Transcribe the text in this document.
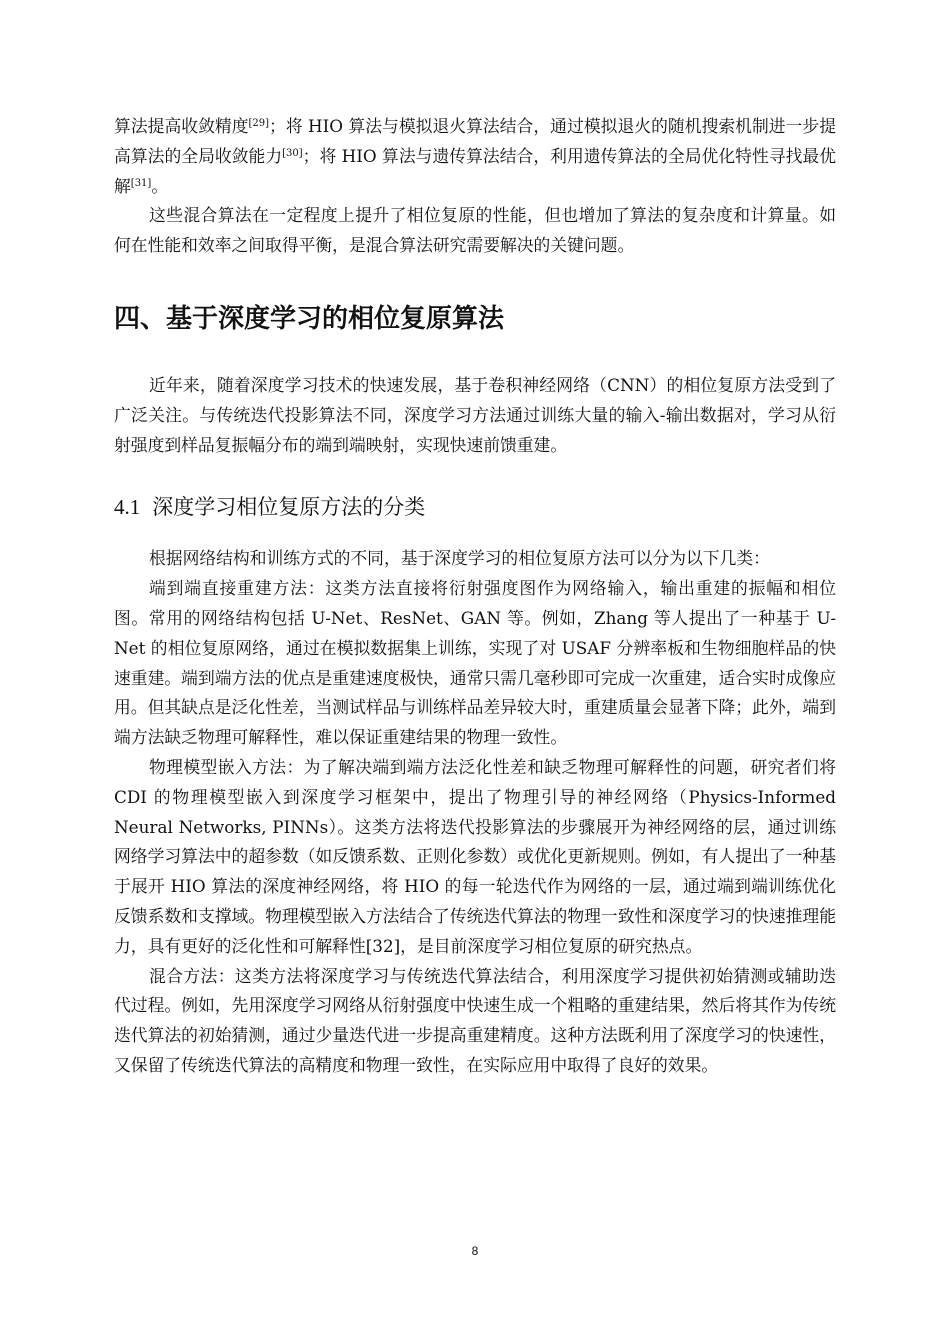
算法提高收敛精度[29]；将 HIO 算法与模拟退火算法结合，通过模拟退火的随机搜索机制进一步提高算法的全局收敛能力[30]；将 HIO 算法与遗传算法结合，利用遗传算法的全局优化特性寻找最优解[31]。

这些混合算法在一定程度上提升了相位复原的性能，但也增加了算法的复杂度和计算量。如何在性能和效率之间取得平衡，是混合算法研究需要解决的关键问题。

四、基于深度学习的相位复原算法

近年来，随着深度学习技术的快速发展，基于卷积神经网络（CNN）的相位复原方法受到了广泛关注。与传统迭代投影算法不同，深度学习方法通过训练大量的输入-输出数据对，学习从衍射强度到样品复振幅分布的端到端映射，实现快速前馈重建。

4.1 深度学习相位复原方法的分类

根据网络结构和训练方式的不同，基于深度学习的相位复原方法可以分为以下几类：

端到端直接重建方法：这类方法直接将衍射强度图作为网络输入，输出重建的振幅和相位图。常用的网络结构包括 U-Net、ResNet、GAN 等。例如，Zhang 等人提出了一种基于 U-Net 的相位复原网络，通过在模拟数据集上训练，实现了对 USAF 分辨率板和生物细胞样品的快速重建。端到端方法的优点是重建速度极快，通常只需几毫秒即可完成一次重建，适合实时成像应用。但其缺点是泛化性差，当测试样品与训练样品差异较大时，重建质量会显著下降；此外，端到端方法缺乏物理可解释性，难以保证重建结果的物理一致性。

物理模型嵌入方法：为了解决端到端方法泛化性差和缺乏物理可解释性的问题，研究者们将 CDI 的物理模型嵌入到深度学习框架中，提出了物理引导的神经网络（Physics-Informed Neural Networks, PINNs）。这类方法将迭代投影算法的步骤展开为神经网络的层，通过训练网络学习算法中的超参数（如反馈系数、正则化参数）或优化更新规则。例如，有人提出了一种基于展开 HIO 算法的深度神经网络，将 HIO 的每一轮迭代作为网络的一层，通过端到端训练优化反馈系数和支撑域。物理模型嵌入方法结合了传统迭代算法的物理一致性和深度学习的快速推理能力，具有更好的泛化性和可解释性[32]，是目前深度学习相位复原的研究热点。

混合方法：这类方法将深度学习与传统迭代算法结合，利用深度学习提供初始猜测或辅助迭代过程。例如，先用深度学习网络从衍射强度中快速生成一个粗略的重建结果，然后将其作为传统迭代算法的初始猜测，通过少量迭代进一步提高重建精度。这种方法既利用了深度学习的快速性，又保留了传统迭代算法的高精度和物理一致性，在实际应用中取得了良好的效果。

8
